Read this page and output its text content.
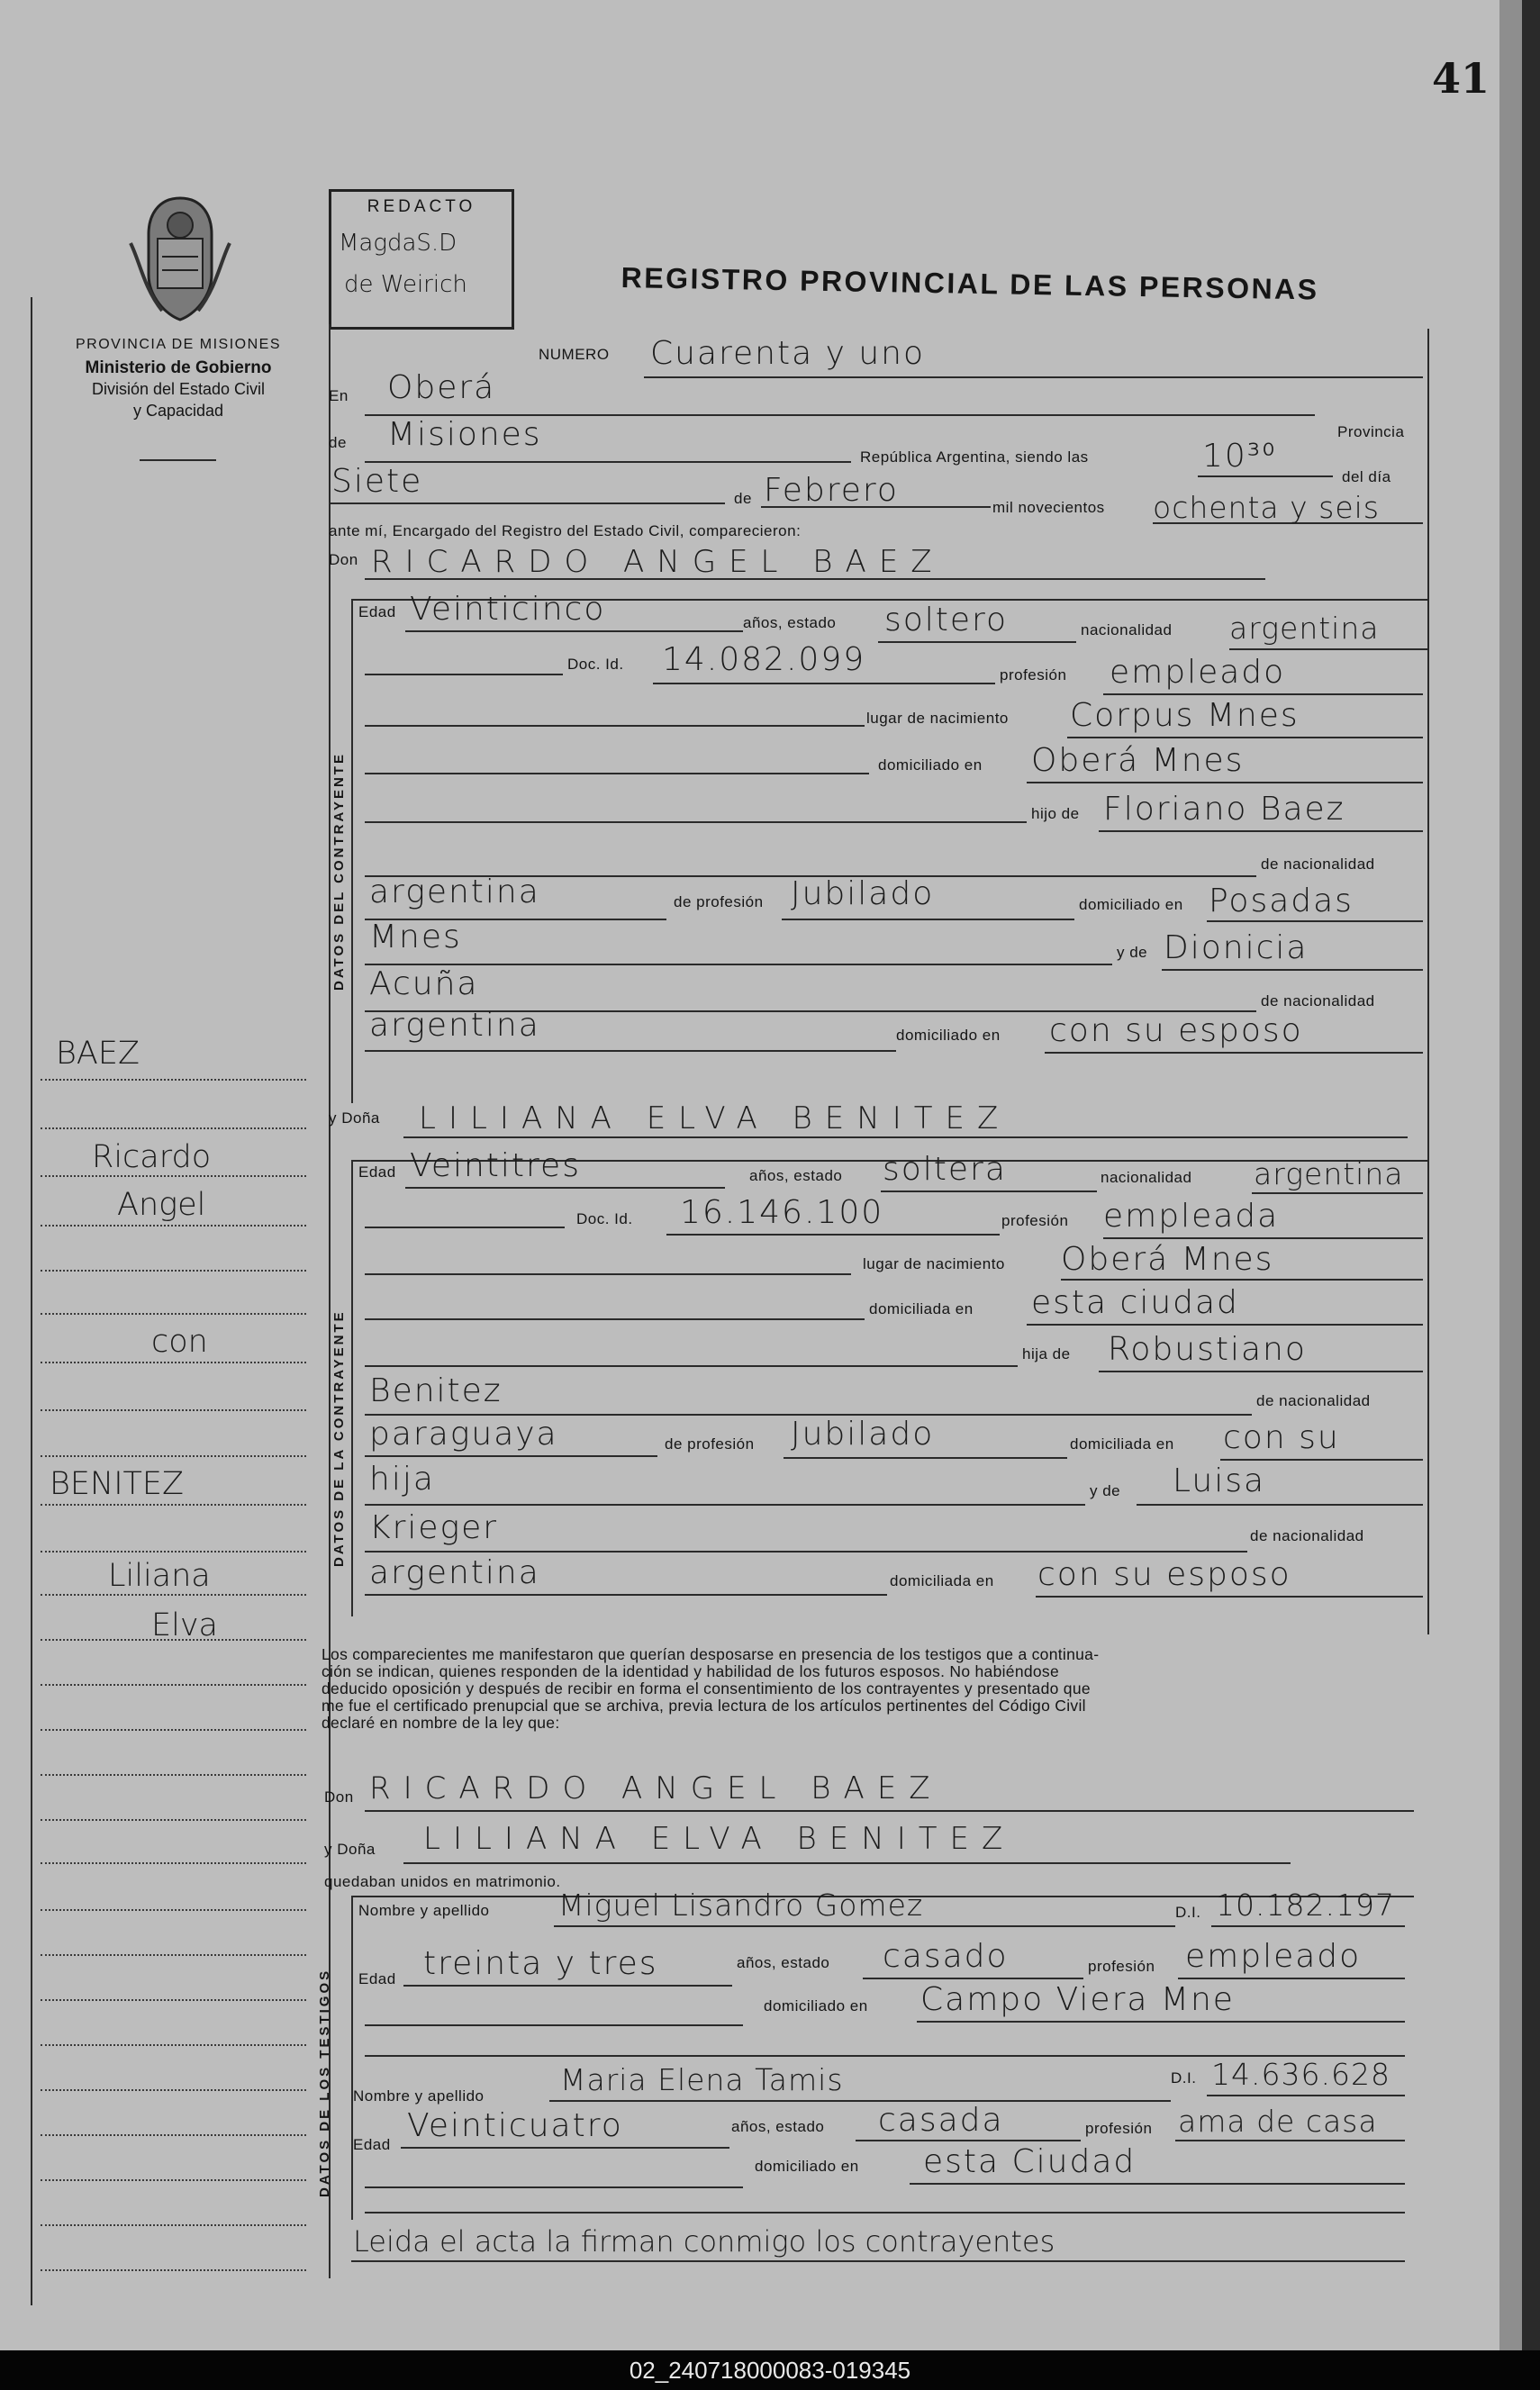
41
PROVINCIA DE MISIONES
Ministerio de Gobierno
División del Estado Civil
y Capacidad
REDACTO
MagdaS.D
de Weirich	REGISTRO PROVINCIAL DE LAS PERSONAS
BAEZ
Ricardo
Angel
con
BENITEZ
Liliana
Elva
NUMERO Cuarenta y uno
En Oberá
Provincia
de Misiones
República Argentina, siendo las	10³⁰
del día
Siete	de Febrero	mil novecientos ochenta y seis
ante mí, Encargado del Registro del Estado Civil, comparecieron:
Don RICARDO ANGEL BAEZ
DATOS DEL CONTRAYENTE
Edad Veinticinco	años, estado soltero	nacionalidad argentina
Doc. Id. 14.082.099	profesión empleado
lugar de nacimiento Corpus Mnes
domiciliado en Oberá Mnes
hijo de Floriano Baez
de nacionalidad
argentina	de profesión Jubilado	domiciliado en Posadas
Mnes	y de Dionicia
Acuña	de nacionalidad
argentina	domiciliado en con su esposo
y Doña LILIANA ELVA BENITEZ
DATOS DE LA CONTRAYENTE
Edad Veintitres	años, estado soltera	nacionalidad argentina
Doc. Id. 16.146.100	profesión empleada
lugar de nacimiento Oberá Mnes
domiciliada en esta ciudad
hija de Robustiano
Benitez	de nacionalidad
paraguaya	de profesión Jubilado	domiciliada en con su
hija	y de Luisa
Krieger	de nacionalidad
argentina	domiciliada en con su esposo
Los comparecientes me manifestaron que querían desposarse en presencia de los testigos que a continua-
ción se indican, quienes responden de la identidad y habilidad de los futuros esposos. No habiéndose
deducido oposición y después de recibir en forma el consentimiento de los contrayentes y presentado que
me fue el certificado prenupcial que se archiva, previa lectura de los artículos pertinentes del Código Civil
declaré en nombre de la ley que:
Don RICARDO ANGEL BAEZ
y Doña LILIANA ELVA BENITEZ
quedaban unidos en matrimonio.
DATOS DE LOS TESTIGOS
Nombre y apellido Miguel Lisandro Gomez	D.I. 10.182.197
Edad treinta y tres	años, estado casado	profesión empleado
domiciliado en Campo Viera Mne
Nombre y apellido	Maria Elena Tamis	D.I. 14.636.628
Edad
Veinticuatro	años, estado casada	profesión ama de casa
domiciliado en esta Ciudad
Leida el acta la firman conmigo los contrayentes
02_240718000083-019345
